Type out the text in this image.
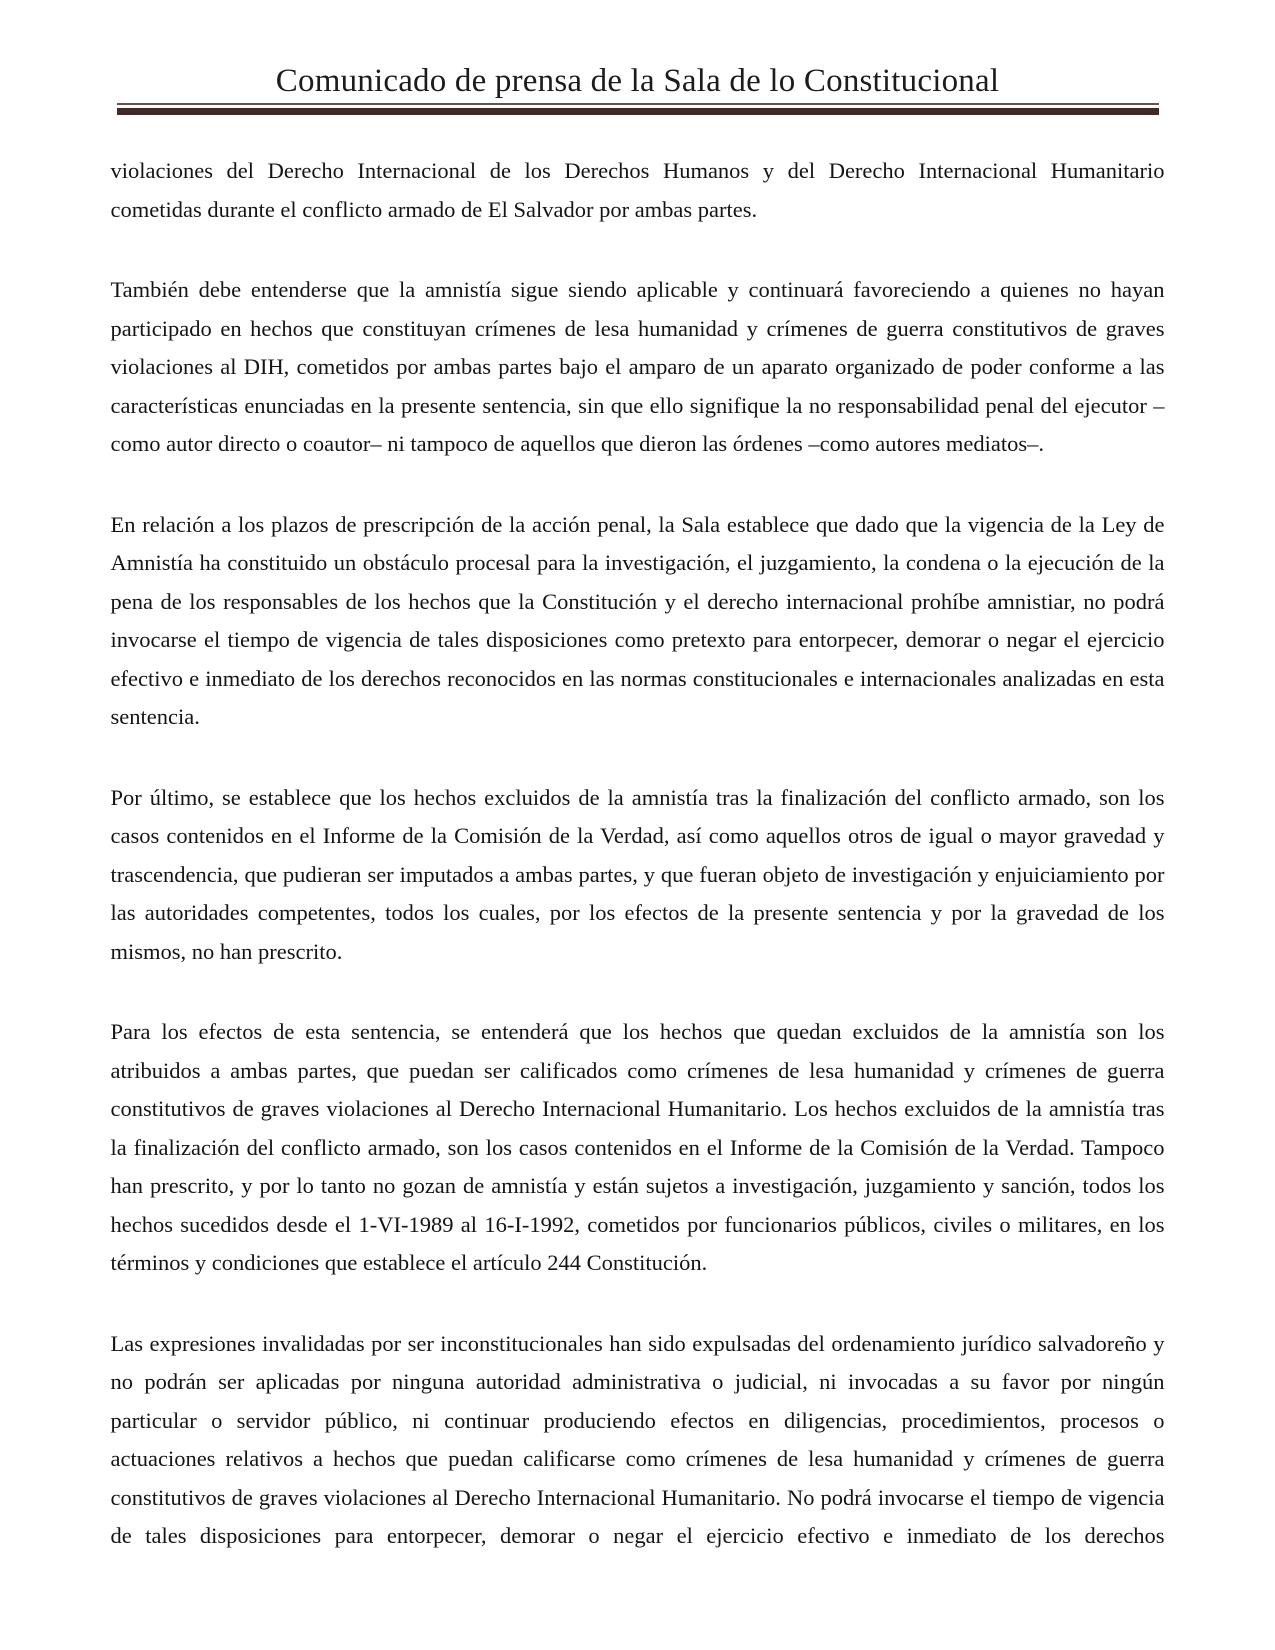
Comunicado de prensa de la Sala de lo Constitucional

violaciones del Derecho Internacional de los Derechos Humanos y del Derecho Internacional Humanitario cometidas durante el conflicto armado de El Salvador por ambas partes.

También debe entenderse que la amnistía sigue siendo aplicable y continuará favoreciendo a quienes no hayan participado en hechos que constituyan crímenes de lesa humanidad y crímenes de guerra constitutivos de graves violaciones al DIH, cometidos por ambas partes bajo el amparo de un aparato organizado de poder conforme a las características enunciadas en la presente sentencia, sin que ello signifique la no responsabilidad penal del ejecutor –como autor directo o coautor– ni tampoco de aquellos que dieron las órdenes –como autores mediatos–.

En relación a los plazos de prescripción de la acción penal, la Sala establece que dado que la vigencia de la Ley de Amnistía ha constituido un obstáculo procesal para la investigación, el juzgamiento, la condena o la ejecución de la pena de los responsables de los hechos que la Constitución y el derecho internacional prohíbe amnistiar, no podrá invocarse el tiempo de vigencia de tales disposiciones como pretexto para entorpecer, demorar o negar el ejercicio efectivo e inmediato de los derechos reconocidos en las normas constitucionales e internacionales analizadas en esta sentencia.

Por último, se establece que los hechos excluidos de la amnistía tras la finalización del conflicto armado, son los casos contenidos en el Informe de la Comisión de la Verdad, así como aquellos otros de igual o mayor gravedad y trascendencia, que pudieran ser imputados a ambas partes, y que fueran objeto de investigación y enjuiciamiento por las autoridades competentes, todos los cuales, por los efectos de la presente sentencia y por la gravedad de los mismos, no han prescrito.

Para los efectos de esta sentencia, se entenderá que los hechos que quedan excluidos de la amnistía son los atribuidos a ambas partes, que puedan ser calificados como crímenes de lesa humanidad y crímenes de guerra constitutivos de graves violaciones al Derecho Internacional Humanitario. Los hechos excluidos de la amnistía tras la finalización del conflicto armado, son los casos contenidos en el Informe de la Comisión de la Verdad. Tampoco han prescrito, y por lo tanto no gozan de amnistía y están sujetos a investigación, juzgamiento y sanción, todos los hechos sucedidos desde el 1-VI-1989 al 16-I-1992, cometidos por funcionarios públicos, civiles o militares, en los términos y condiciones que establece el artículo 244 Constitución.

Las expresiones invalidadas por ser inconstitucionales han sido expulsadas del ordenamiento jurídico salvadoreño y no podrán ser aplicadas por ninguna autoridad administrativa o judicial, ni invocadas a su favor por ningún particular o servidor público, ni continuar produciendo efectos en diligencias, procedimientos, procesos o actuaciones relativos a hechos que puedan calificarse como crímenes de lesa humanidad y crímenes de guerra constitutivos de graves violaciones al Derecho Internacional Humanitario. No podrá invocarse el tiempo de vigencia de tales disposiciones para entorpecer, demorar o negar el ejercicio efectivo e inmediato de los derechos
